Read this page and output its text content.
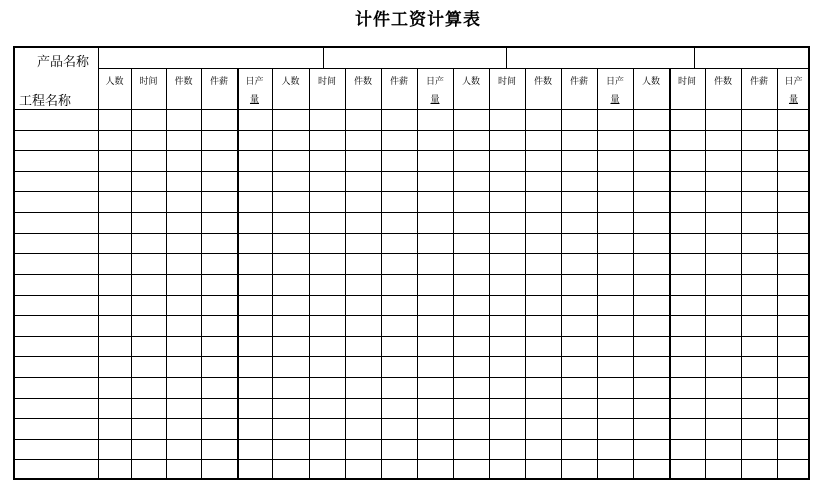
计件工资计算表
产品名称
工程名称
人数	时间	件数	件薪	日产
量
人数	时间	件数	件薪	日产
量
人数	时间	件数	件薪	日产
量
人数	时间	件数	件薪	日产
量
